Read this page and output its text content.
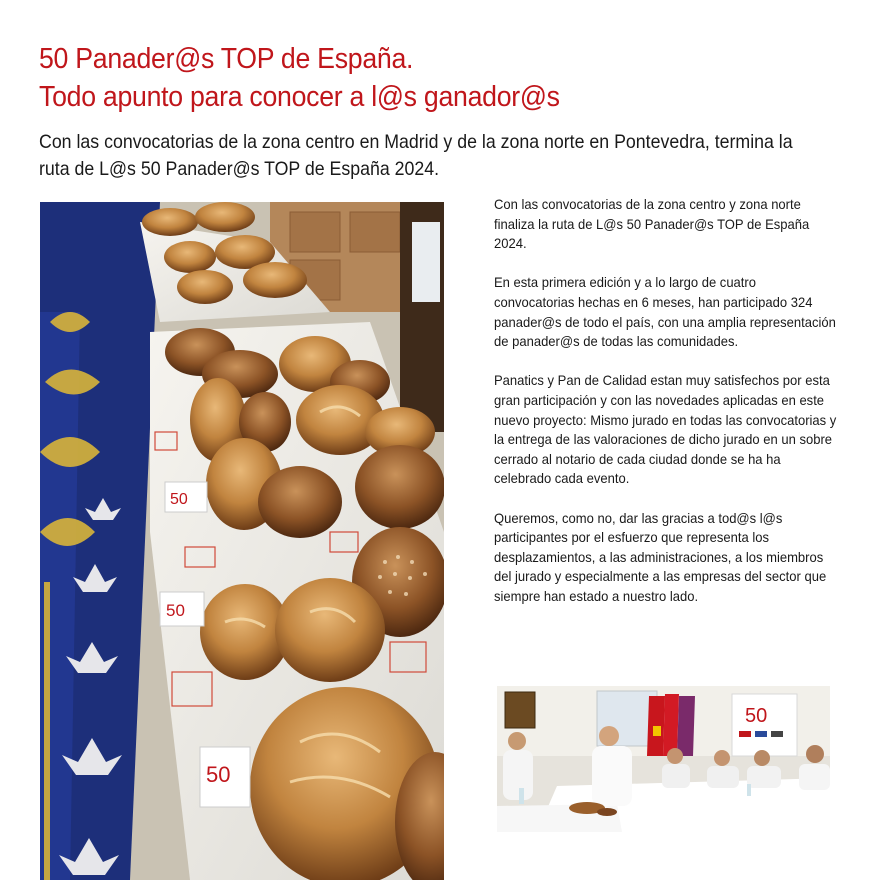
50 Panader@s TOP de España.
Todo apunto para conocer a l@s ganador@s
Con las convocatorias de la zona centro en Madrid y de la zona norte en Pontevedra, termina la ruta de L@s 50 Panader@s TOP de España 2024.
50
50
50

Con las convocatorias de la zona centro y zona norte finaliza la ruta de L@s 50 Panader@s TOP de España 2024.

En esta primera edición y a lo largo de cuatro convocatorias hechas en 6 meses, han participado 324 panader@s de todo el país, con una amplia representación de panader@s de todas las comunidades.

Panatics y Pan de Calidad estan muy satisfechos por esta gran participación y con las novedades aplicadas en este nuevo proyecto: Mismo jurado en todas las convocatorias y la entrega de las valoraciones de dicho jurado en un sobre cerrado al notario de cada ciudad donde se ha ha celebrado cada evento.

Queremos, como no, dar las gracias a tod@s l@s participantes por el esfuerzo que representa los desplazamientos, a las administraciones, a los miembros del jurado y especialmente a las empresas del sector que siempre han estado a nuestro lado.

50
